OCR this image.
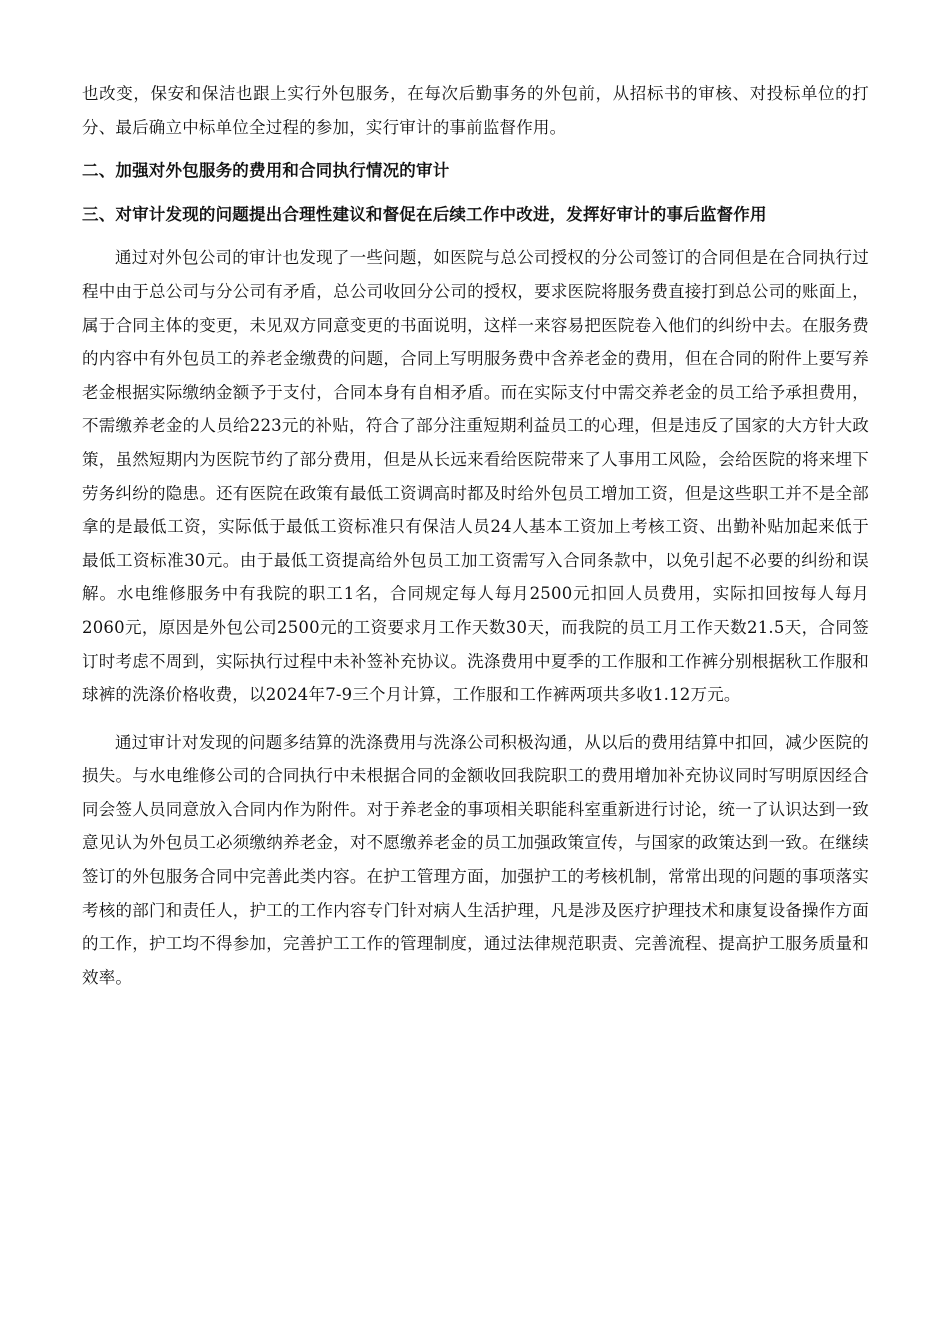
也改变，保安和保洁也跟上实行外包服务，在每次后勤事务的外包前，从招标书的审核、对投标单位的打分、最后确立中标单位全过程的参加，实行审计的事前监督作用。

二、加强对外包服务的费用和合同执行情况的审计

三、对审计发现的问题提出合理性建议和督促在后续工作中改进，发挥好审计的事后监督作用

通过对外包公司的审计也发现了一些问题，如医院与总公司授权的分公司签订的合同但是在合同执行过程中由于总公司与分公司有矛盾，总公司收回分公司的授权，要求医院将服务费直接打到总公司的账面上，属于合同主体的变更，未见双方同意变更的书面说明，这样一来容易把医院卷入他们的纠纷中去。在服务费的内容中有外包员工的养老金缴费的问题，合同上写明服务费中含养老金的费用，但在合同的附件上要写养老金根据实际缴纳金额予于支付，合同本身有自相矛盾。而在实际支付中需交养老金的员工给予承担费用，不需缴养老金的人员给223元的补贴，符合了部分注重短期利益员工的心理，但是违反了国家的大方针大政策，虽然短期内为医院节约了部分费用，但是从长远来看给医院带来了人事用工风险，会给医院的将来埋下劳务纠纷的隐患。还有医院在政策有最低工资调高时都及时给外包员工增加工资，但是这些职工并不是全部拿的是最低工资，实际低于最低工资标准只有保洁人员24人基本工资加上考核工资、出勤补贴加起来低于最低工资标准30元。由于最低工资提高给外包员工加工资需写入合同条款中，以免引起不必要的纠纷和误解。水电维修服务中有我院的职工1名，合同规定每人每月2500元扣回人员费用，实际扣回按每人每月2060元，原因是外包公司2500元的工资要求月工作天数30天，而我院的员工月工作天数21.5天，合同签订时考虑不周到，实际执行过程中未补签补充协议。洗涤费用中夏季的工作服和工作裤分别根据秋工作服和球裤的洗涤价格收费，以2024年7-9三个月计算，工作服和工作裤两项共多收1.12万元。

通过审计对发现的问题多结算的洗涤费用与洗涤公司积极沟通，从以后的费用结算中扣回，减少医院的损失。与水电维修公司的合同执行中未根据合同的金额收回我院职工的费用增加补充协议同时写明原因经合同会签人员同意放入合同内作为附件。对于养老金的事项相关职能科室重新进行讨论，统一了认识达到一致意见认为外包员工必须缴纳养老金，对不愿缴养老金的员工加强政策宣传，与国家的政策达到一致。在继续签订的外包服务合同中完善此类内容。在护工管理方面，加强护工的考核机制，常常出现的问题的事项落实考核的部门和责任人，护工的工作内容专门针对病人生活护理，凡是涉及医疗护理技术和康复设备操作方面的工作，护工均不得参加，完善护工工作的管理制度，通过法律规范职责、完善流程、提高护工服务质量和效率。
